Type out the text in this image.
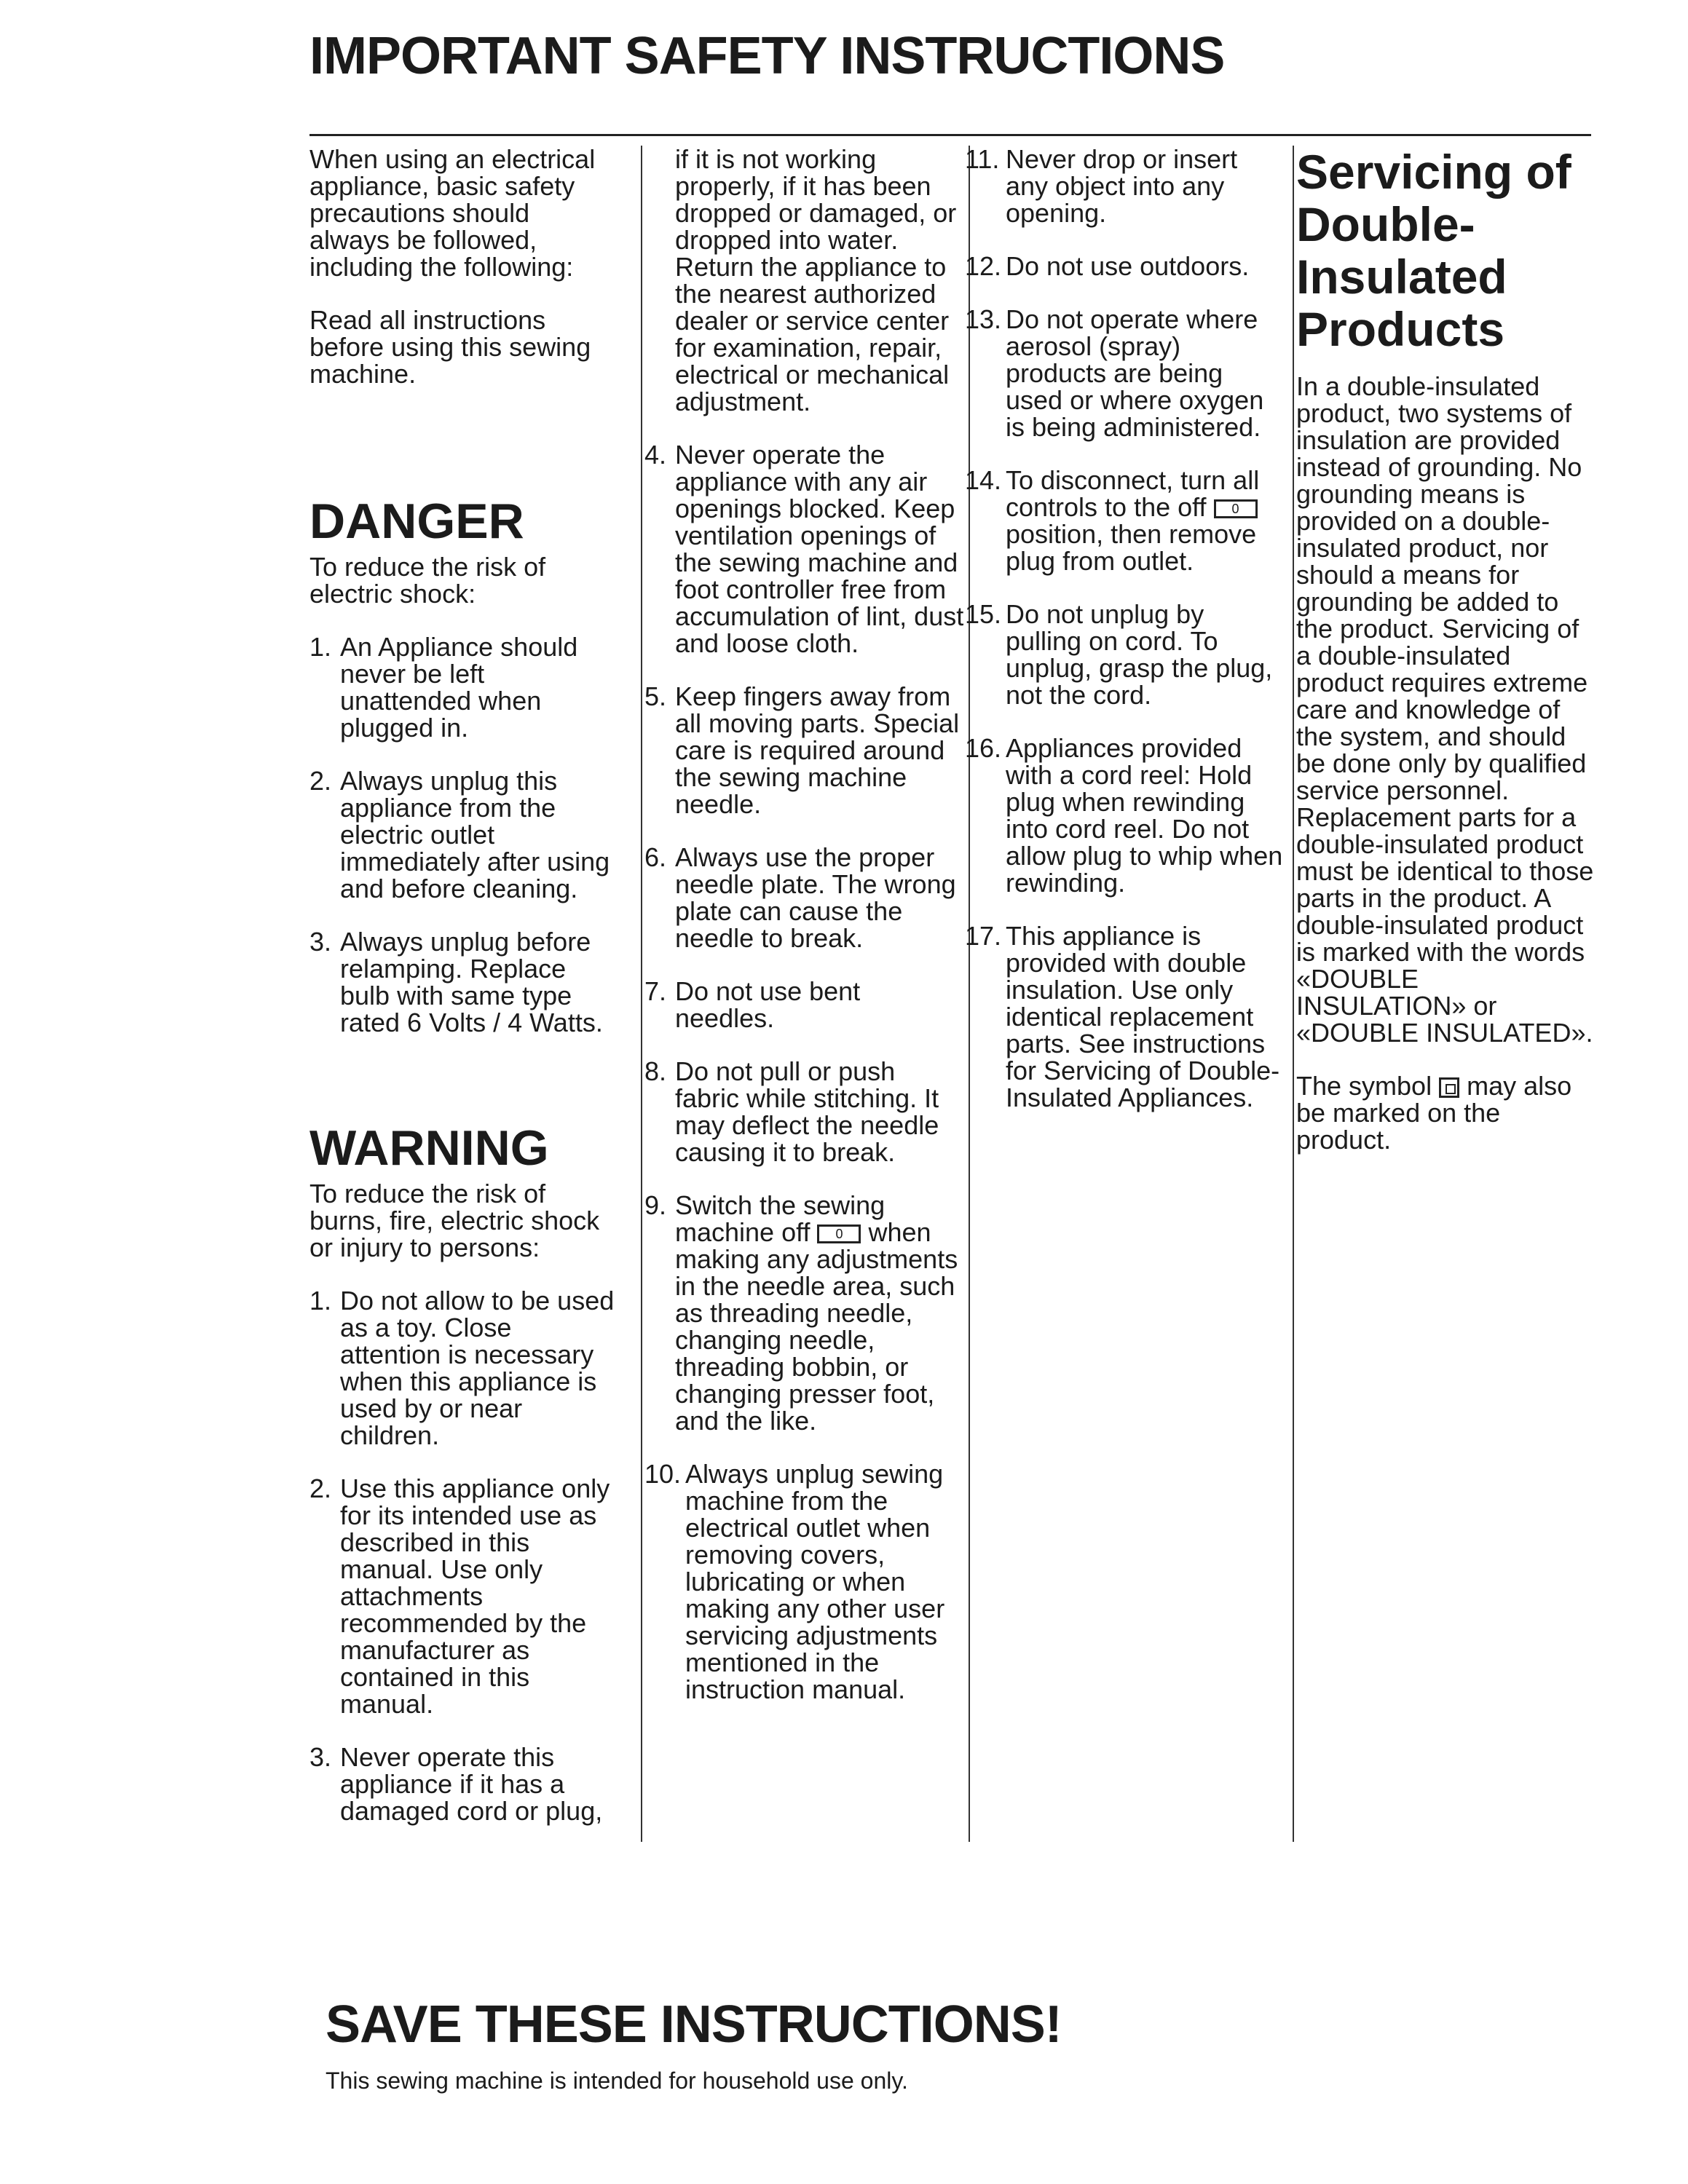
IMPORTANT SAFETY INSTRUCTIONS

When using an electrical appliance, basic safety precautions should always be followed, including the following:

Read all instructions before using this sewing machine.

DANGER

To reduce the risk of electric shock:

1. An Appliance should never be left unattended when plugged in.
2. Always unplug this appliance from the electric outlet immediately after using and before cleaning.
3. Always unplug before relamping. Replace bulb with same type rated 6 Volts / 4 Watts.
WARNING

To reduce the risk of burns, fire, electric shock or injury to persons:

1. Do not allow to be used as a toy. Close attention is necessary when this appliance is used by or near children.
2. Use this appliance only for its intended use as described in this manual. Use only attachments recommended by the manufacturer as contained in this manual.
3. Never operate this appliance if it has a damaged cord or plug,

if it is not working properly, if it has been dropped or damaged, or dropped into water. Return the appliance to the nearest authorized dealer or service center for examination, repair, electrical or mechanical adjustment.

4. Never operate the appliance with any air openings blocked. Keep ventilation openings of the sewing machine and foot controller free from accumulation of lint, dust and loose cloth.
5. Keep fingers away from all moving parts. Special care is required around the sewing machine needle.
6. Always use the proper needle plate. The wrong plate can cause the needle to break.
7. Do not use bent needles.
8. Do not pull or push fabric while stitching. It may deflect the needle causing it to break.
9. Switch the sewing machine off 0 when making any adjustments in the needle area, such as threading needle, changing needle, threading bobbin, or changing presser foot, and the like.
10. Always unplug sewing machine from the electrical outlet when removing covers, lubricating or when making any other user servicing adjustments mentioned in the instruction manual.
11. Never drop or insert any object into any opening.
12. Do not use outdoors.
13. Do not operate where aerosol (spray) products are being used or where oxygen is being administered.
14. To disconnect, turn all controls to the off 0 position, then remove plug from outlet.
15. Do not unplug by pulling on cord. To unplug, grasp the plug, not the cord.
16. Appliances provided with a cord reel: Hold plug when rewinding into cord reel. Do not allow plug to whip when rewinding.
17. This appliance is provided with double insulation. Use only identical replacement parts. See instructions for Servicing of Double-Insulated Appliances.
Servicing of Double-Insulated Products

In a double-insulated product, two systems of insulation are provided instead of grounding. No grounding means is provided on a double-insulated product, nor should a means for grounding be added to the product. Servicing of a double-insulated product requires extreme care and knowledge of the system, and should be done only by qualified service personnel. Replacement parts for a double-insulated product must be identical to those parts in the product. A double-insulated product is marked with the words «DOUBLE INSULATION» or «DOUBLE INSULATED».

The symbol may also be marked on the product.

SAVE THESE INSTRUCTIONS!
This sewing machine is intended for household use only.
